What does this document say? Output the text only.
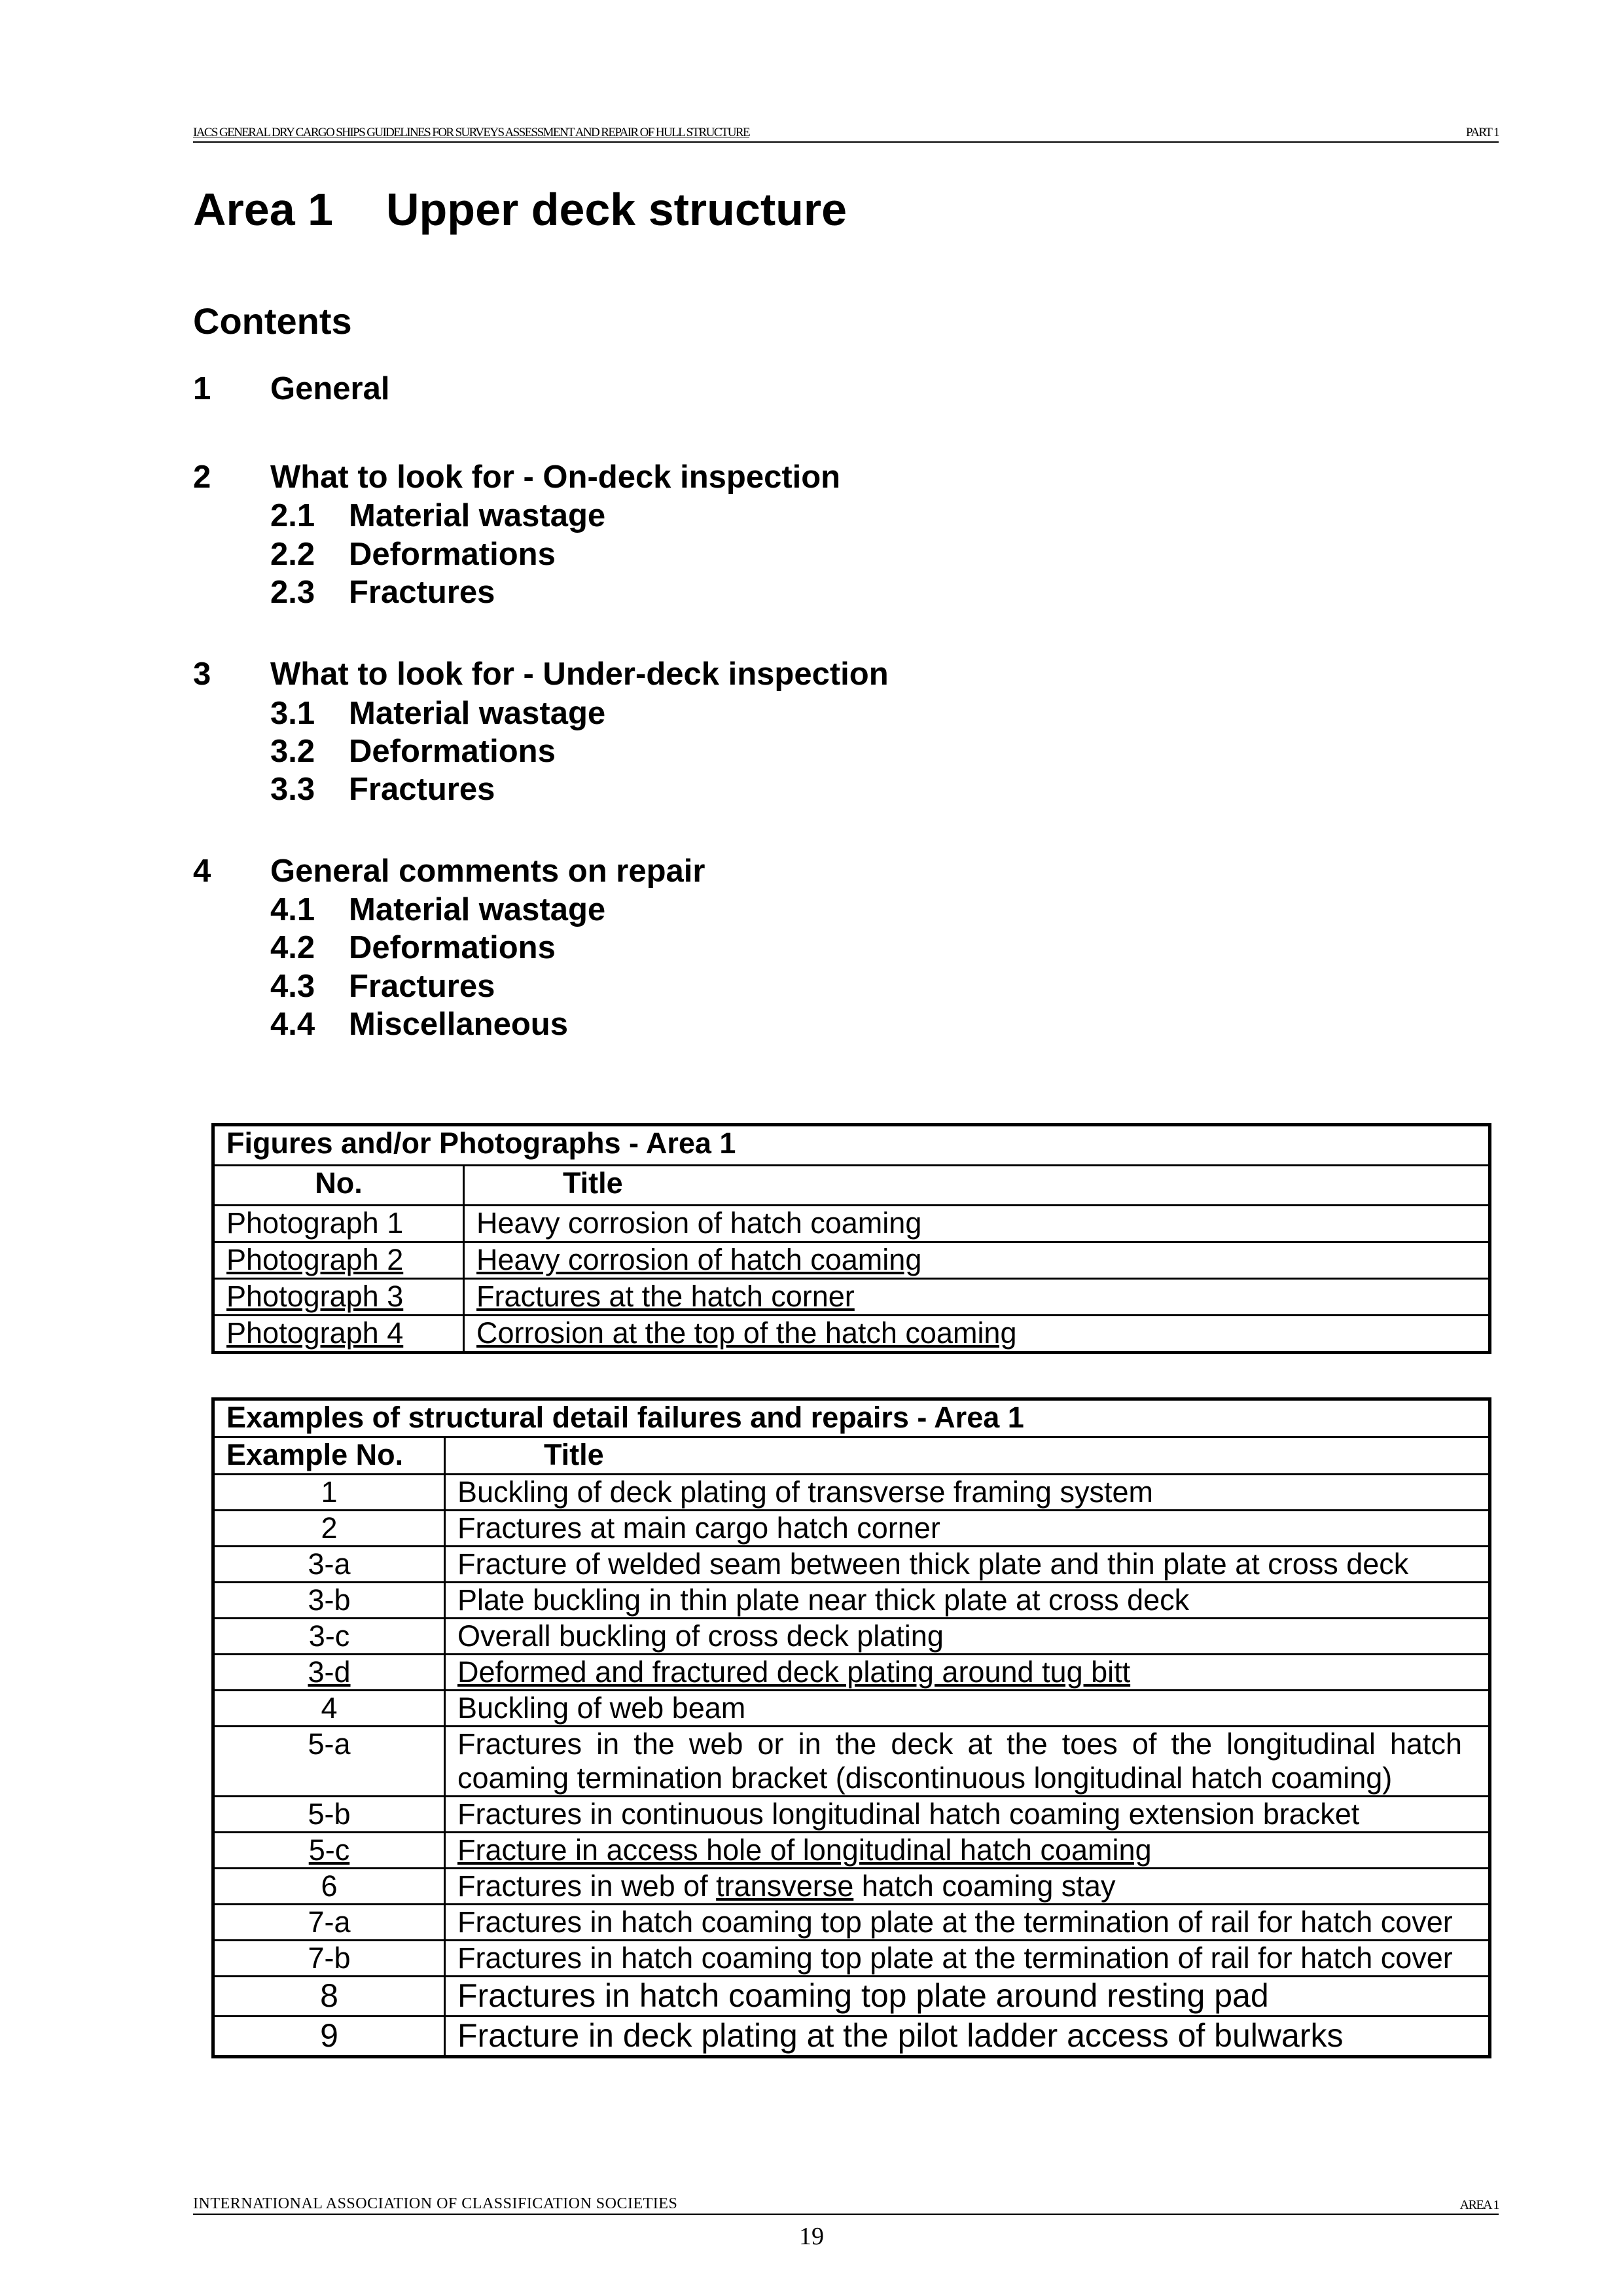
IACS GENERAL DRY CARGO SHIPS GUIDELINES FOR SURVEYS ASSESSMENT AND REPAIR OF HULL STRUCTURE	PART 1
Area 1 Upper deck structure
Contents
1 General
2 What to look for - On-deck inspection
2.1 Material wastage
2.2 Deformations
2.3 Fractures
3 What to look for - Under-deck inspection
3.1 Material wastage
3.2 Deformations
3.3 Fractures
4 General comments on repair
4.1 Material wastage
4.2 Deformations
4.3 Fractures
4.4 Miscellaneous
Figures and/or Photographs - Area 1	
No.	Title
Photograph 1	Heavy corrosion of hatch coaming
Photograph 2	Heavy corrosion of hatch coaming
Photograph 3	Fractures at the hatch corner
Photograph 4	Corrosion at the top of the hatch coaming
Examples of structural detail failures and repairs - Area 1	
Example No.	Title
1	Buckling of deck plating of transverse framing system
2	Fractures at main cargo hatch corner
3-a	Fracture of welded seam between thick plate and thin plate at cross deck
3-b	Plate buckling in thin plate near thick plate at cross deck
3-c	Overall buckling of cross deck plating
3-d	Deformed and fractured deck plating around tug bitt
4	Buckling of web beam
5-a	Fractures in the web or in the deck at the toes of the longitudinal hatch coaming termination bracket (discontinuous longitudinal hatch coaming)
5-b	Fractures in continuous longitudinal hatch coaming extension bracket
5-c	Fracture in access hole of longitudinal hatch coaming
6	Fractures in web of transverse hatch coaming stay
7-a	Fractures in hatch coaming top plate at the termination of rail for hatch cover
7-b	Fractures in hatch coaming top plate at the termination of rail for hatch cover
8	Fractures in hatch coaming top plate around resting pad
9	Fracture in deck plating at the pilot ladder access of bulwarks
INTERNATIONAL ASSOCIATION OF CLASSIFICATION SOCIETIES	AREA 1
19
